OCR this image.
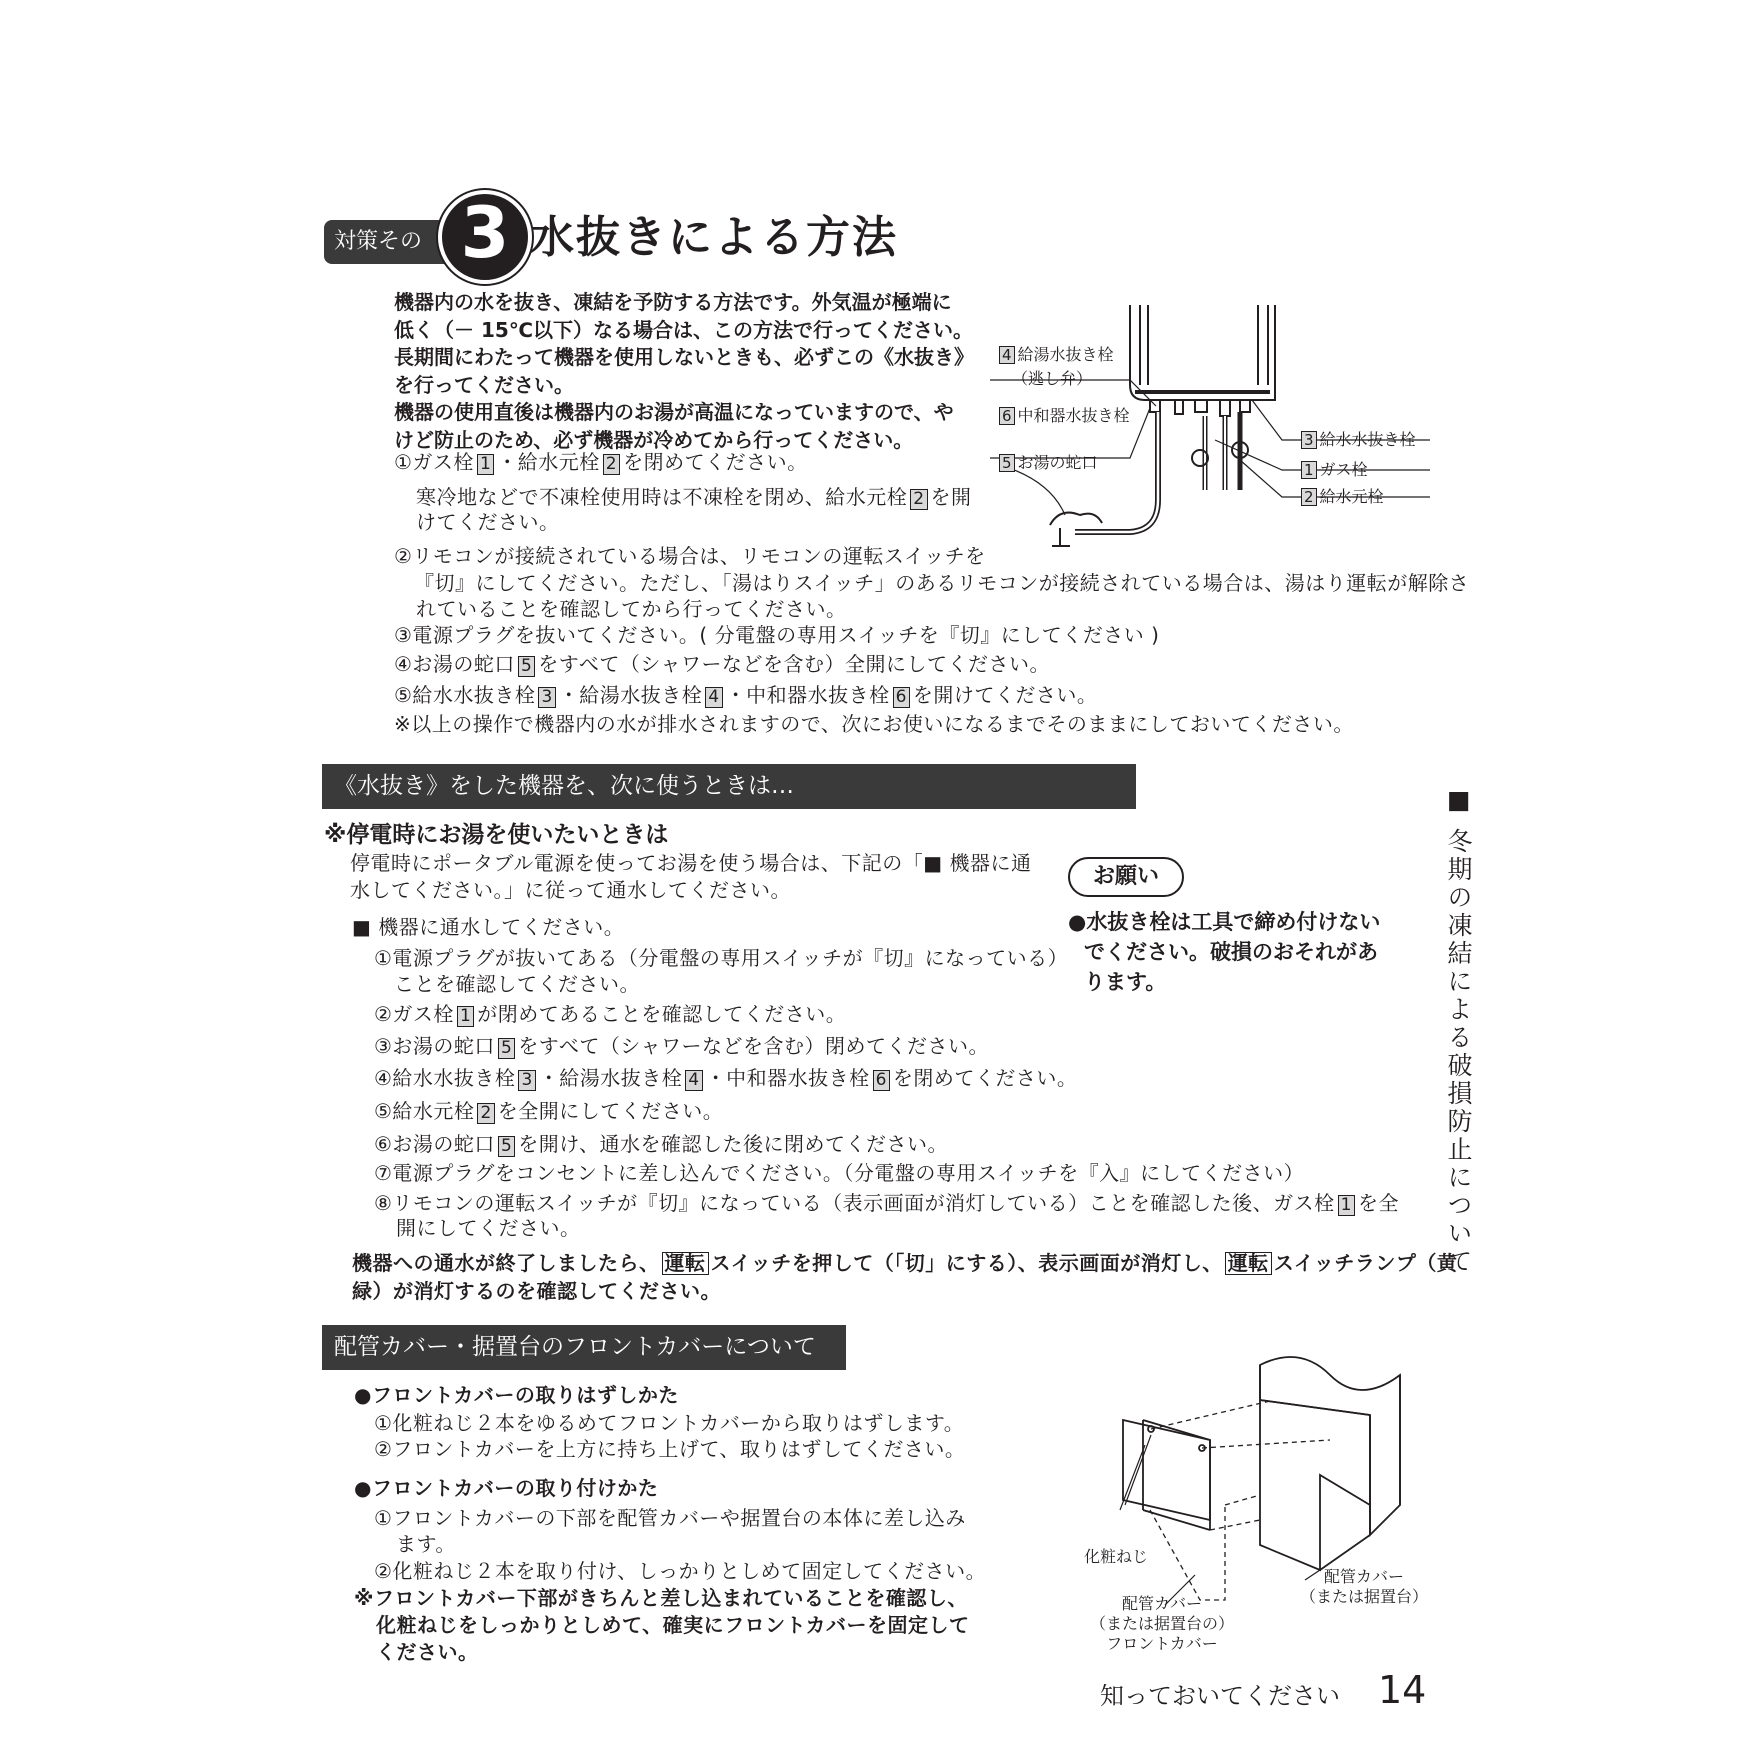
対策その 3 水抜きによる方法
機器内の水を抜き、凍結を予防する方法です。外気温が極端に
低く（－ 15℃以下）なる場合は、この方法で行ってください。
長期間にわたって機器を使用しないときも、必ずこの《水抜き》
を行ってください。
機器の使用直後は機器内のお湯が高温になっていますので、や
けど防止のため、必ず機器が冷めてから行ってください。
①ガス栓 1 ・給水元栓 2 を閉めてください。
寒冷地などで不凍栓使用時は不凍栓を閉め、給水元栓 2 を開
けてください。
②リモコンが接続されている場合は、リモコンの運転スイッチを
『切』にしてください。ただし、「湯はりスイッチ」のあるリモコンが接続されている場合は、湯はり運転が解除さ
れていることを確認してから行ってください。
③電源プラグを抜いてください。( 分電盤の専用スイッチを『切』にしてください )
④お湯の蛇口 5 をすべて（シャワーなどを含む）全開にしてください。
⑤給水水抜き栓 3 ・給湯水抜き栓 4 ・中和器水抜き栓 6 を開けてください。
※以上の操作で機器内の水が排水されますので、次にお使いになるまでそのままにしておいてください。
4 給湯水抜き栓
（逃し弁）
6 中和器水抜き栓
5 お湯の蛇口
3 給水水抜き栓
1 ガス栓
2 給水元栓
《水抜き》をした機器を、次に使うときは…
※停電時にお湯を使いたいときは
停電時にポータブル電源を使ってお湯を使う場合は、下記の「■ 機器に通
水してください。」に従って通水してください。
■ 機器に通水してください。
①電源プラグが抜いてある（分電盤の専用スイッチが『切』になっている）
ことを確認してください。
②ガス栓 1 が閉めてあることを確認してください。
③お湯の蛇口 5 をすべて（シャワーなどを含む）閉めてください。
④給水水抜き栓 3 ・給湯水抜き栓 4 ・中和器水抜き栓 6 を閉めてください。
⑤給水元栓 2 を全開にしてください。
⑥お湯の蛇口 5 を開け、通水を確認した後に閉めてください。
⑦電源プラグをコンセントに差し込んでください。（分電盤の専用スイッチを『入』にしてください）
⑧リモコンの運転スイッチが『切』になっている（表示画面が消灯している）ことを確認した後、ガス栓 1 を全
開にしてください。
機器への通水が終了しましたら、 運転 スイッチを押して（「切」にする）、表示画面が消灯し、 運転 スイッチランプ（黄
緑）が消灯するのを確認してください。
お願い
●水抜き栓は工具で締め付けない
でください。破損のおそれがあ
ります。
配管カバー・据置台のフロントカバーについて
●フロントカバーの取りはずしかた
①化粧ねじ２本をゆるめてフロントカバーから取りはずします。
②フロントカバーを上方に持ち上げて、取りはずしてください。
●フロントカバーの取り付けかた
①フロントカバーの下部を配管カバーや据置台の本体に差し込み
ます。
②化粧ねじ２本を取り付け、しっかりとしめて固定してください。
※フロントカバー下部がきちんと差し込まれていることを確認し、
化粧ねじをしっかりとしめて、確実にフロントカバーを固定して
ください。
化粧ねじ
配管カバー
（または据置台の）
フロントカバー
配管カバー
（または据置台）
■ 冬期の凍結による破損防止について
知っておいてください 14
